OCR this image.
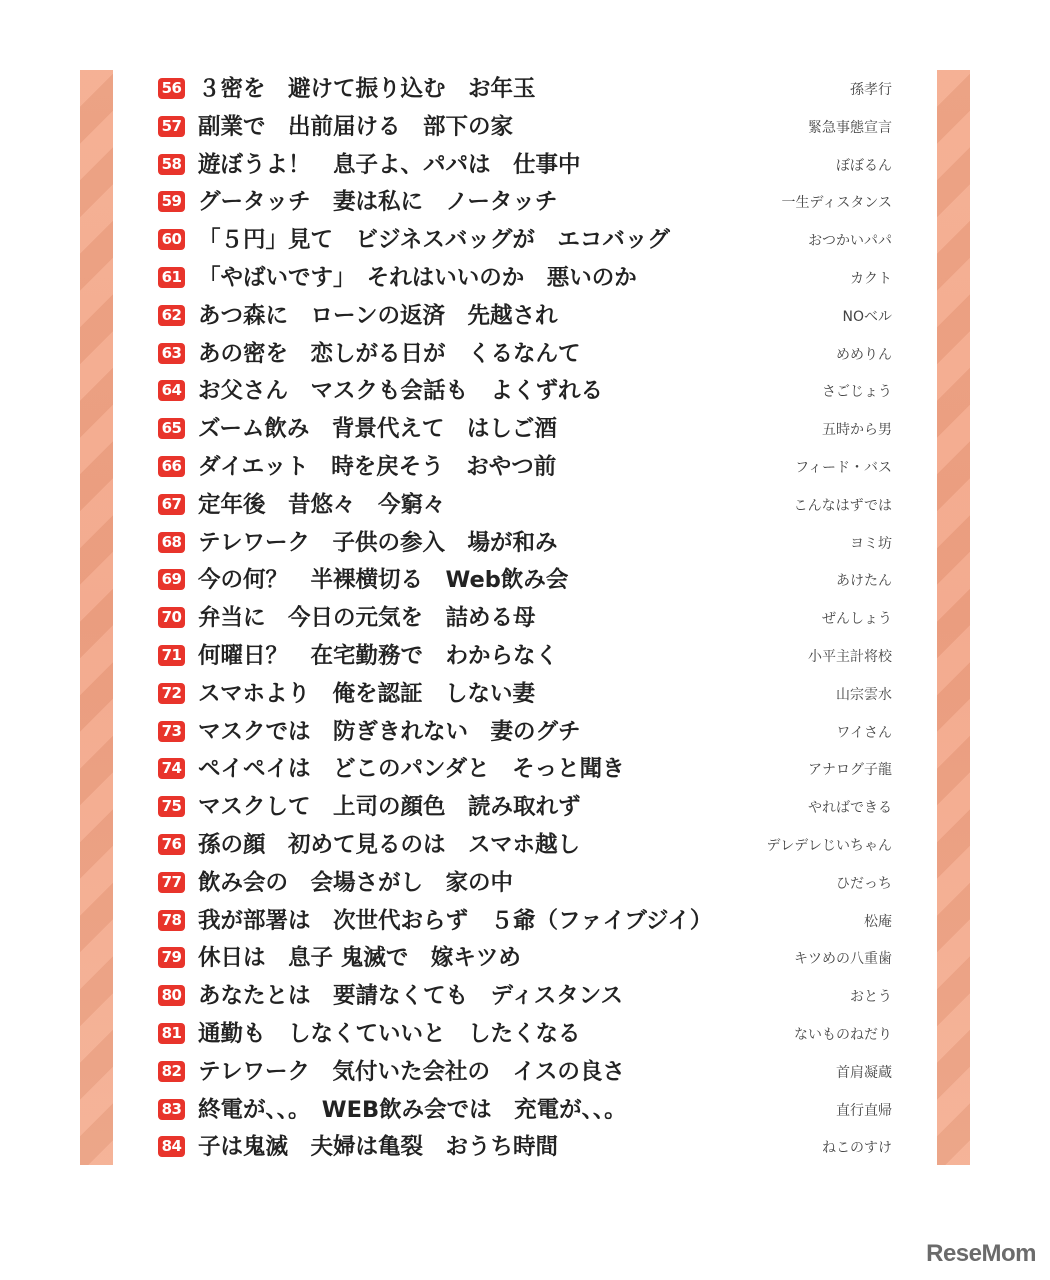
56 ３密を　避けて振り込む　お年玉	孫孝行
57 副業で　出前届ける　部下の家	緊急事態宣言
58 遊ぼうよ！　息子よ、パパは　仕事中	ぼぼるん
59 グータッチ　妻は私に　ノータッチ	一生ディスタンス
60 「５円」見て　ビジネスバッグが　エコバッグ	おつかいパパ
61 「やばいです」　それはいいのか　悪いのか	カクト
62 あつ森に　ローンの返済　先越され	NOベル
63 あの密を　恋しがる日が　くるなんて	めめりん
64 お父さん　マスクも会話も　よくずれる	さごじょう
65 ズーム飲み　背景代えて　はしご酒	五時から男
66 ダイエット　時を戻そう　おやつ前	フィード・バス
67 定年後　昔悠々　今窮々	こんなはずでは
68 テレワーク　子供の参入　場が和み	ヨミ坊
69 今の何？　半裸横切る　Web飲み会	あけたん
70 弁当に　今日の元気を　詰める母	ぜんしょう
71 何曜日？　在宅勤務で　わからなく	小平主計将校
72 スマホより　俺を認証　しない妻	山宗雲水
73 マスクでは　防ぎきれない　妻のグチ	ワイさん
74 ペイペイは　どこのパンダと　そっと聞き	アナログ子龍
75 マスクして　上司の顔色　読み取れず	やればできる
76 孫の顔　初めて見るのは　スマホ越し	デレデレじいちゃん
77 飲み会の　会場さがし　家の中	ひだっち
78 我が部署は　次世代おらず　５爺（ファイブジイ）	松庵
79 休日は　息子 鬼滅で　嫁キツめ	キツめの八重歯
80 あなたとは　要請なくても　ディスタンス	おとう
81 通勤も　しなくていいと　したくなる	ないものねだり
82 テレワーク　気付いた会社の　イスの良さ	首肩凝蔵
83 終電が、、。　WEB飲み会では　充電が、、。	直行直帰
84 子は鬼滅　夫婦は亀裂　おうち時間	ねこのすけ
ReseMom
